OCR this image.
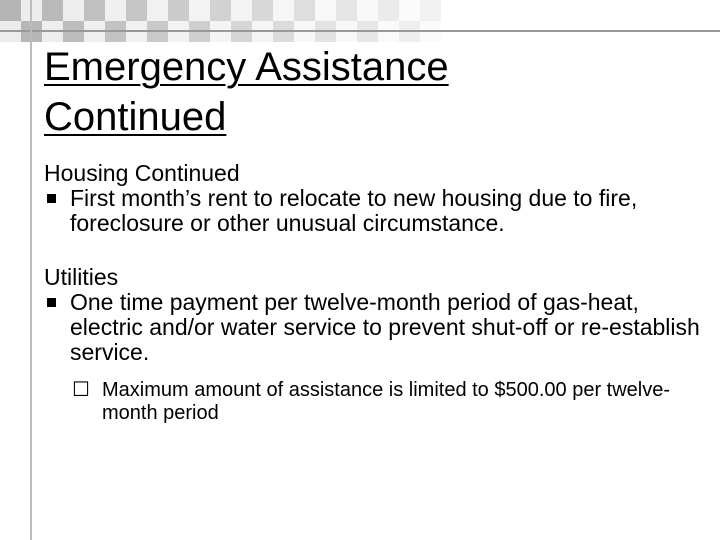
Emergency Assistance
Continued

Housing Continued

First month’s rent to relocate to new housing due to fire, foreclosure or other unusual circumstance.

Utilities

One time payment per twelve-month period of gas-heat, electric and/or water service to prevent shut-off or re-establish service.

☐ Maximum amount of assistance is limited to $500.00 per twelve-month period
